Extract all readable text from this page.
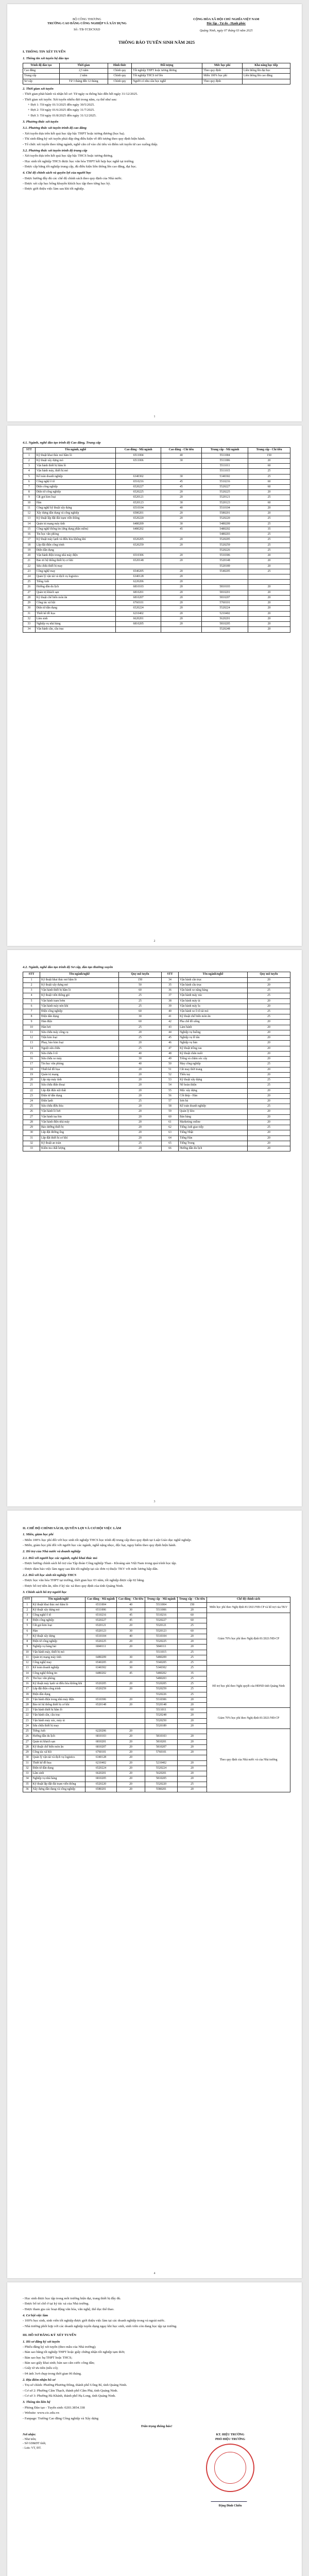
BỘ CÔNG THƯƠNG
TRƯỜNG CAO ĐẲNG CÔNG NGHIỆP VÀ XÂY DỰNG
Số: /TB-TCĐCNXD
CỘNG HÒA XÃ HỘI CHỦ NGHĨA VIỆT NAM
Độc lập - Tự do - Hạnh phúc
Quảng Ninh, ngày 07 tháng 03 năm 2025
THÔNG BÁO TUYỂN SINH NĂM 2025
I. THÔNG TIN XÉT TUYỂN
1. Thông tin xét tuyển hệ đào tạo
Trình độ đào tạo	Thời gian	Hình thức	Đối tượng	Mức học phí	Khả năng học tiếp
Cao đẳng	2,5 năm	Chính quy	Tốt nghiệp THPT hoặc tương đương	Theo quy định	Liên thông lên đại học
Trung cấp	2 năm	Chính quy	Tốt nghiệp THCS trở lên	Miễn 100% học phí	Liên thông lên cao đẳng
Sơ cấp	Từ 3 tháng đến 12 tháng	Chính quy	Người có nhu cầu học nghề	Theo quy định	
2. Thời gian xét tuyển

- Thời gian phát hành và nhận hồ sơ: Từ ngày ra thông báo đến hết ngày 31/12/2025.

- Thời gian xét tuyển: Xét tuyển nhiều đợt trong năm, cụ thể như sau:

+ Đợt 1: Từ ngày 01/3/2025 đến ngày 30/5/2025.

+ Đợt 2: Từ ngày 01/6/2025 đến ngày 31/7/2025.

+ Đợt 3: Từ ngày 01/8/2025 đến ngày 31/12/2025.

3. Phương thức xét tuyển
3.1. Phương thức xét tuyển trình độ cao đẳng

- Xét tuyển dựa trên kết quả học tập bậc THPT hoặc tương đương (học bạ).

- Thí sinh đăng ký xét tuyển phải đáp ứng điều kiện về đối tượng theo quy định hiện hành.

- Tổ chức xét tuyển theo từng ngành, nghề căn cứ vào chỉ tiêu và điểm xét tuyển từ cao xuống thấp.

3.2. Phương thức xét tuyển trình độ trung cấp

- Xét tuyển dựa trên kết quả học tập bậc THCS hoặc tương đương.

- Học sinh tốt nghiệp THCS được học văn hóa THPT kết hợp học nghề tại trường.

- Được cấp bằng tốt nghiệp trung cấp, đủ điều kiện liên thông lên cao đẳng, đại học.

4. Chế độ chính sách và quyền lợi của người học

- Được hưởng đầy đủ các chế độ chính sách theo quy định của Nhà nước.

- Được xét cấp học bổng khuyến khích học tập theo từng học kỳ.

- Được giới thiệu việc làm sau khi tốt nghiệp.

1
4.1. Ngành, nghề đào tạo trình độ Cao đẳng, Trung cấp
STT	Tên ngành, nghề	Cao đẳng - Mã ngành	Cao đẳng - Chỉ tiêu	Trung cấp - Mã ngành	Trung cấp - Chỉ tiêu
1	Kỹ thuật khai thác mỏ hầm lò	6511004	40	5511004	150
2	Kỹ thuật xây dựng mỏ	6511006	30	5511006	20
3	Vận hành thiết bị hầm lò			5511011	60
4	Vận hành máy, thiết bị mỏ			5511015	25
5	Kế toán doanh nghiệp	6340302	30	5340302	25
6	Công nghệ ô tô	6510216	45	5510216	60
7	Điện công nghiệp	6520227	45	5520227	60
8	Điện tử công nghiệp	6520225	20	5520225	20
9	Cắt gọt kim loại	6520121	20	5520121	25
10	Hàn	6520123	30	5520123	60
11	Công nghệ kỹ thuật xây dựng	6510104	40	5510104	20
12	Xây dựng dân dụng và công nghiệp	6580201	20	5580201	20
13	Kỹ thuật lắp đặt đài trạm viễn thông	6520220	20	5520220	25
14	Quản trị mạng máy tính	6480209	30	5480209	25
15	Công nghệ thông tin (ứng dụng phần mềm)	6480202	45	5480202	35
16	Tin học văn phòng			5480203	25
17	Kỹ thuật máy lạnh và điều hòa không khí	6520205	20	5520205	25
18	Lắp đặt điện công trình	6520259	20	5520259	25
19	Điện dân dụng			5520226	25
20	Vận hành điện trong nhà máy điện	6510306	20	5510306	20
21	Bảo trì hệ thống thiết bị cơ khí	6520148	20	5520148	20
22	Sửa chữa thiết bị may			5520189	20
23	Công nghệ may	6540205	20	5540205	25
24	Quản lý vận tải và dịch vụ logistics	6340128	20		
25	Tiếng Anh	6220206	20		
26	Hướng dẫn du lịch	6810103	20	5810103	20
27	Quản trị khách sạn	6810201	20	5810201	20
28	Kỹ thuật chế biến món ăn	6810207	20	5810207	20
29	Công tác xã hội	6760101	20	5760101	20
30	Điện tử dân dụng	6520224	20	5520224	20
31	Thiết kế đồ họa	6210402	20	5210402	20
32	Lâm sinh	6620201	20	5620201	20
33	Nghiệp vụ nhà hàng	6810205	20	5810205	20
34	Vận hành cần, cầu trục			5520248	20
2
4.2. Ngành, nghề đào tạo trình độ Sơ cấp, đào tạo thường xuyên
STT	Tên ngành/nghề	Quy mô tuyển	STT	Tên ngành/nghề	Quy mô tuyển
1	Kỹ thuật khai thác mỏ hầm lò	150	34	Vận hành cần trục	20
2	Kỹ thuật xây dựng mỏ	50	35	Vận hành cầu trục	20
3	Vận hành thiết bị hầm lò	60	36	Vận hành xe nâng hàng	25
4	Kỹ thuật viên thông gió	25	37	Vận hành máy xúc	25
5	Vận hành trạm bơm	25	38	Vận hành máy ủi	20
6	Vận hành máy nén khí	25	39	Vận hành máy lu	20
7	Điện công nghiệp	60	40	Vận hành xe ô tô tải mỏ	25
8	Điện dân dụng	30	41	Kỹ thuật chế biến món ăn	25
9	Hàn điện	60	42	Pha chế đồ uống	20
10	Hàn hơi	25	43	Làm bánh	20
11	Sửa chữa máy công cụ	20	44	Nghiệp vụ buồng	20
12	Tiện kim loại	25	45	Nghiệp vụ lễ tân	20
13	Phay, bào kim loại	20	46	Nghiệp vụ bàn	20
14	Nguội sửa chữa	25	47	Kỹ thuật trồng rau	20
15	Sửa chữa ô tô	40	48	Kỹ thuật chăn nuôi	20
16	Sửa chữa xe máy	30	49	Trồng và chăm sóc cây	20
17	Tin học văn phòng	40	50	May công nghiệp	25
18	Thiết kế đồ họa	20	51	Cắt may thời trang	20
19	Quản trị mạng	20	52	Thêu tay	20
20	Lắp ráp máy tính	20	53	Kỹ thuật xây dựng	25
21	Sửa chữa điện thoại	20	54	Nề hoàn thiện	25
22	Lắp đặt điện nội thất	20	55	Mộc xây dựng	20
23	Điện tử dân dụng	20	56	Cốt thép - Hàn	20
24	Điện lạnh	25	57	Sơn bả	20
25	Sửa chữa điều hòa	20	58	Kế toán doanh nghiệp	25
26	Vận hành lò hơi	20	59	Quản lý kho	20
27	Vận hành tua bin	20	60	Bán hàng	20
28	Vận hành điện nhà máy	20	61	Marketing online	20
29	Bảo dưỡng thiết bị	20	62	Tiếng Anh giao tiếp	25
30	Lắp đặt đường ống	20	63	Tiếng Nhật	20
31	Lắp đặt thiết bị cơ khí	20	64	Tiếng Hàn	20
32	Kỹ thuật an toàn	25	65	Tiếng Trung	20
33	Kiểm tra chất lượng	20	66	Hướng dẫn du lịch	20
3
II. CHẾ ĐỘ CHÍNH SÁCH, QUYỀN LỢI VÀ CƠ HỘI VIỆC LÀM
1. Miễn, giảm học phí

- Miễn 100% học phí đối với học sinh tốt nghiệp THCS học trình độ trung cấp theo quy định tại Luật Giáo dục nghề nghiệp.

- Miễn, giảm học phí đối với người học các ngành, nghề nặng nhọc, độc hại, nguy hiểm theo quy định hiện hành.

2. Hỗ trợ của Nhà nước và doanh nghiệp
2.1. Đối với người học các ngành, nghề khai thác mỏ

- Được hưởng chính sách hỗ trợ của Tập đoàn Công nghiệp Than - Khoáng sản Việt Nam trong quá trình học tập.

- Được đảm bảo việc làm ngay sau khi tốt nghiệp tại các đơn vị thuộc TKV với mức lương hấp dẫn.

2.2. Đối với học sinh tốt nghiệp THCS

- Được học văn hóa THPT tại trường, thời gian học 03 năm, tốt nghiệp được cấp 02 bằng.

- Được hỗ trợ tiền ăn, tiền ở ký túc xá theo quy định của tỉnh Quảng Ninh.

3. Chính sách hỗ trợ người học
STT	Tên ngành/nghề	Cao đẳng - Mã ngành	Cao đẳng - Chỉ tiêu	Trung cấp - Mã ngành	Trung cấp - Chỉ tiêu	Chế độ chính sách
1	Kỹ thuật khai thác mỏ hầm lò	6511004	40	5511004	150	Miễn học phí theo Nghị định 81/2021/NĐ-CP và hỗ trợ của TKV
2	Kỹ thuật xây dựng mỏ	6511006	30	5511006	20	
3	Công nghệ ô tô	6510216	45	5510216	60	Giảm 70% học phí theo Nghị định 81/2021/NĐ-CP
4	Điện công nghiệp	6520227	45	5520227	60	
5	Cắt gọt kim loại	6520121	20	5520121	25	
6	Hàn	6520123	30	5520123	60	
7	Kỹ thuật xây dựng	6510104	40	5510104	20	
8	Điện tử công nghiệp	6520225	20	5520225	20	
9	Nghiệp vụ hàng hải	6840111	20	5840111	20	
10	Vận hành máy, thiết bị mỏ			5511015	25	
11	Quản trị mạng máy tính	6480209	30	5480209	25	
12	Công nghệ may	6540205	20	5540205	25	
13	Kế toán doanh nghiệp	6340302	30	5340302	25	Hỗ trợ học phí theo Nghị quyết của HĐND tỉnh Quảng Ninh
14	Công nghệ thông tin	6480202	45	5480202	35	
15	Tin học văn phòng			5480203	25	
16	Kỹ thuật máy lạnh và điều hòa không khí	6520205	20	5520205	25	
17	Lắp đặt điện công trình	6520259	20	5520259	25	
18	Điện dân dụng			5520226	25	
19	Vận hành điện trong nhà máy điện	6510306	20	5510306	20	
20	Bảo trì hệ thống thiết bị cơ khí	6520148	20	5520148	20	
21	Vận hành thiết bị hầm lò			5511011	60	Giảm 70% học phí theo Nghị định 81/2021/NĐ-CP
22	Vận hành cần, cầu trục			5520248	20	
23	Vận hành máy xúc, máy ủi			5520250	20	
24	Sửa chữa thiết bị may			5520189	20	
25	Tiếng Anh	6220206	20			Theo quy định của Nhà nước và của Nhà trường
26	Hướng dẫn du lịch	6810103	20	5810103	20	
27	Quản trị khách sạn	6810201	20	5810201	20	
28	Kỹ thuật chế biến món ăn	6810207	20	5810207	20	
29	Công tác xã hội	6760101	20	5760101	20	
30	Quản lý vận tải và dịch vụ logistics	6340128	20			
31	Thiết kế đồ họa	6210402	20	5210402	20	
32	Điện tử dân dụng	6520224	20	5520224	20	
33	Lâm sinh	6620201	20	5620201	20	
34	Nghiệp vụ nhà hàng	6810205	20	5810205	20	
35	Kỹ thuật lắp đặt đài trạm viễn thông	6520220	20	5520220	25	
36	Xây dựng dân dụng và công nghiệp	6580201	20	5580201	20	
4

- Học sinh được học tập trong môi trường hiện đại, trang thiết bị đầy đủ.

- Được bố trí chỗ ở tại ký túc xá của Nhà trường.

- Được tham gia các hoạt động văn hóa, văn nghệ, thể dục thể thao.

4. Cơ hội việc làm

- 100% học sinh, sinh viên tốt nghiệp được giới thiệu việc làm tại các doanh nghiệp trong và ngoài nước.

- Nhà trường phối hợp với các doanh nghiệp tuyển dụng ngay khi học sinh, sinh viên còn đang học tập tại trường.

III. HỒ SƠ ĐĂNG KÝ XÉT TUYỂN
1. Hồ sơ đăng ký xét tuyển

- Phiếu đăng ký xét tuyển (theo mẫu của Nhà trường);

- Bản sao bằng tốt nghiệp THPT hoặc giấy chứng nhận tốt nghiệp tạm thời;

- Bản sao học bạ THPT hoặc THCS;

- Bản sao giấy khai sinh; bản sao căn cước công dân;

- Giấy tờ ưu tiên (nếu có);

- 04 ảnh 3x4 chụp trong thời gian 06 tháng.

2. Địa điểm nhận hồ sơ

- Trụ sở chính: Phường Phương Đông, thành phố Uông Bí, tỉnh Quảng Ninh.

- Cơ sở 2: Phường Cẩm Thạch, thành phố Cẩm Phả, tỉnh Quảng Ninh.

- Cơ sở 3: Phường Hà Khánh, thành phố Hạ Long, tỉnh Quảng Ninh.

3. Thông tin liên hệ

- Phòng Đào tạo - Tuyển sinh: 0203.3854.338

- Website: www.cic.edu.vn

- Fanpage: Trường Cao đẳng Công nghiệp và Xây dựng

Trân trọng thông báo!

Nơi nhận:
- Như trên;
- Sở GD&ĐT tỉnh;
- Lưu: VT, ĐT.
KT. HIỆU TRƯỞNG
PHÓ HIỆU TRƯỞNG
Đặng Đình Chiến
